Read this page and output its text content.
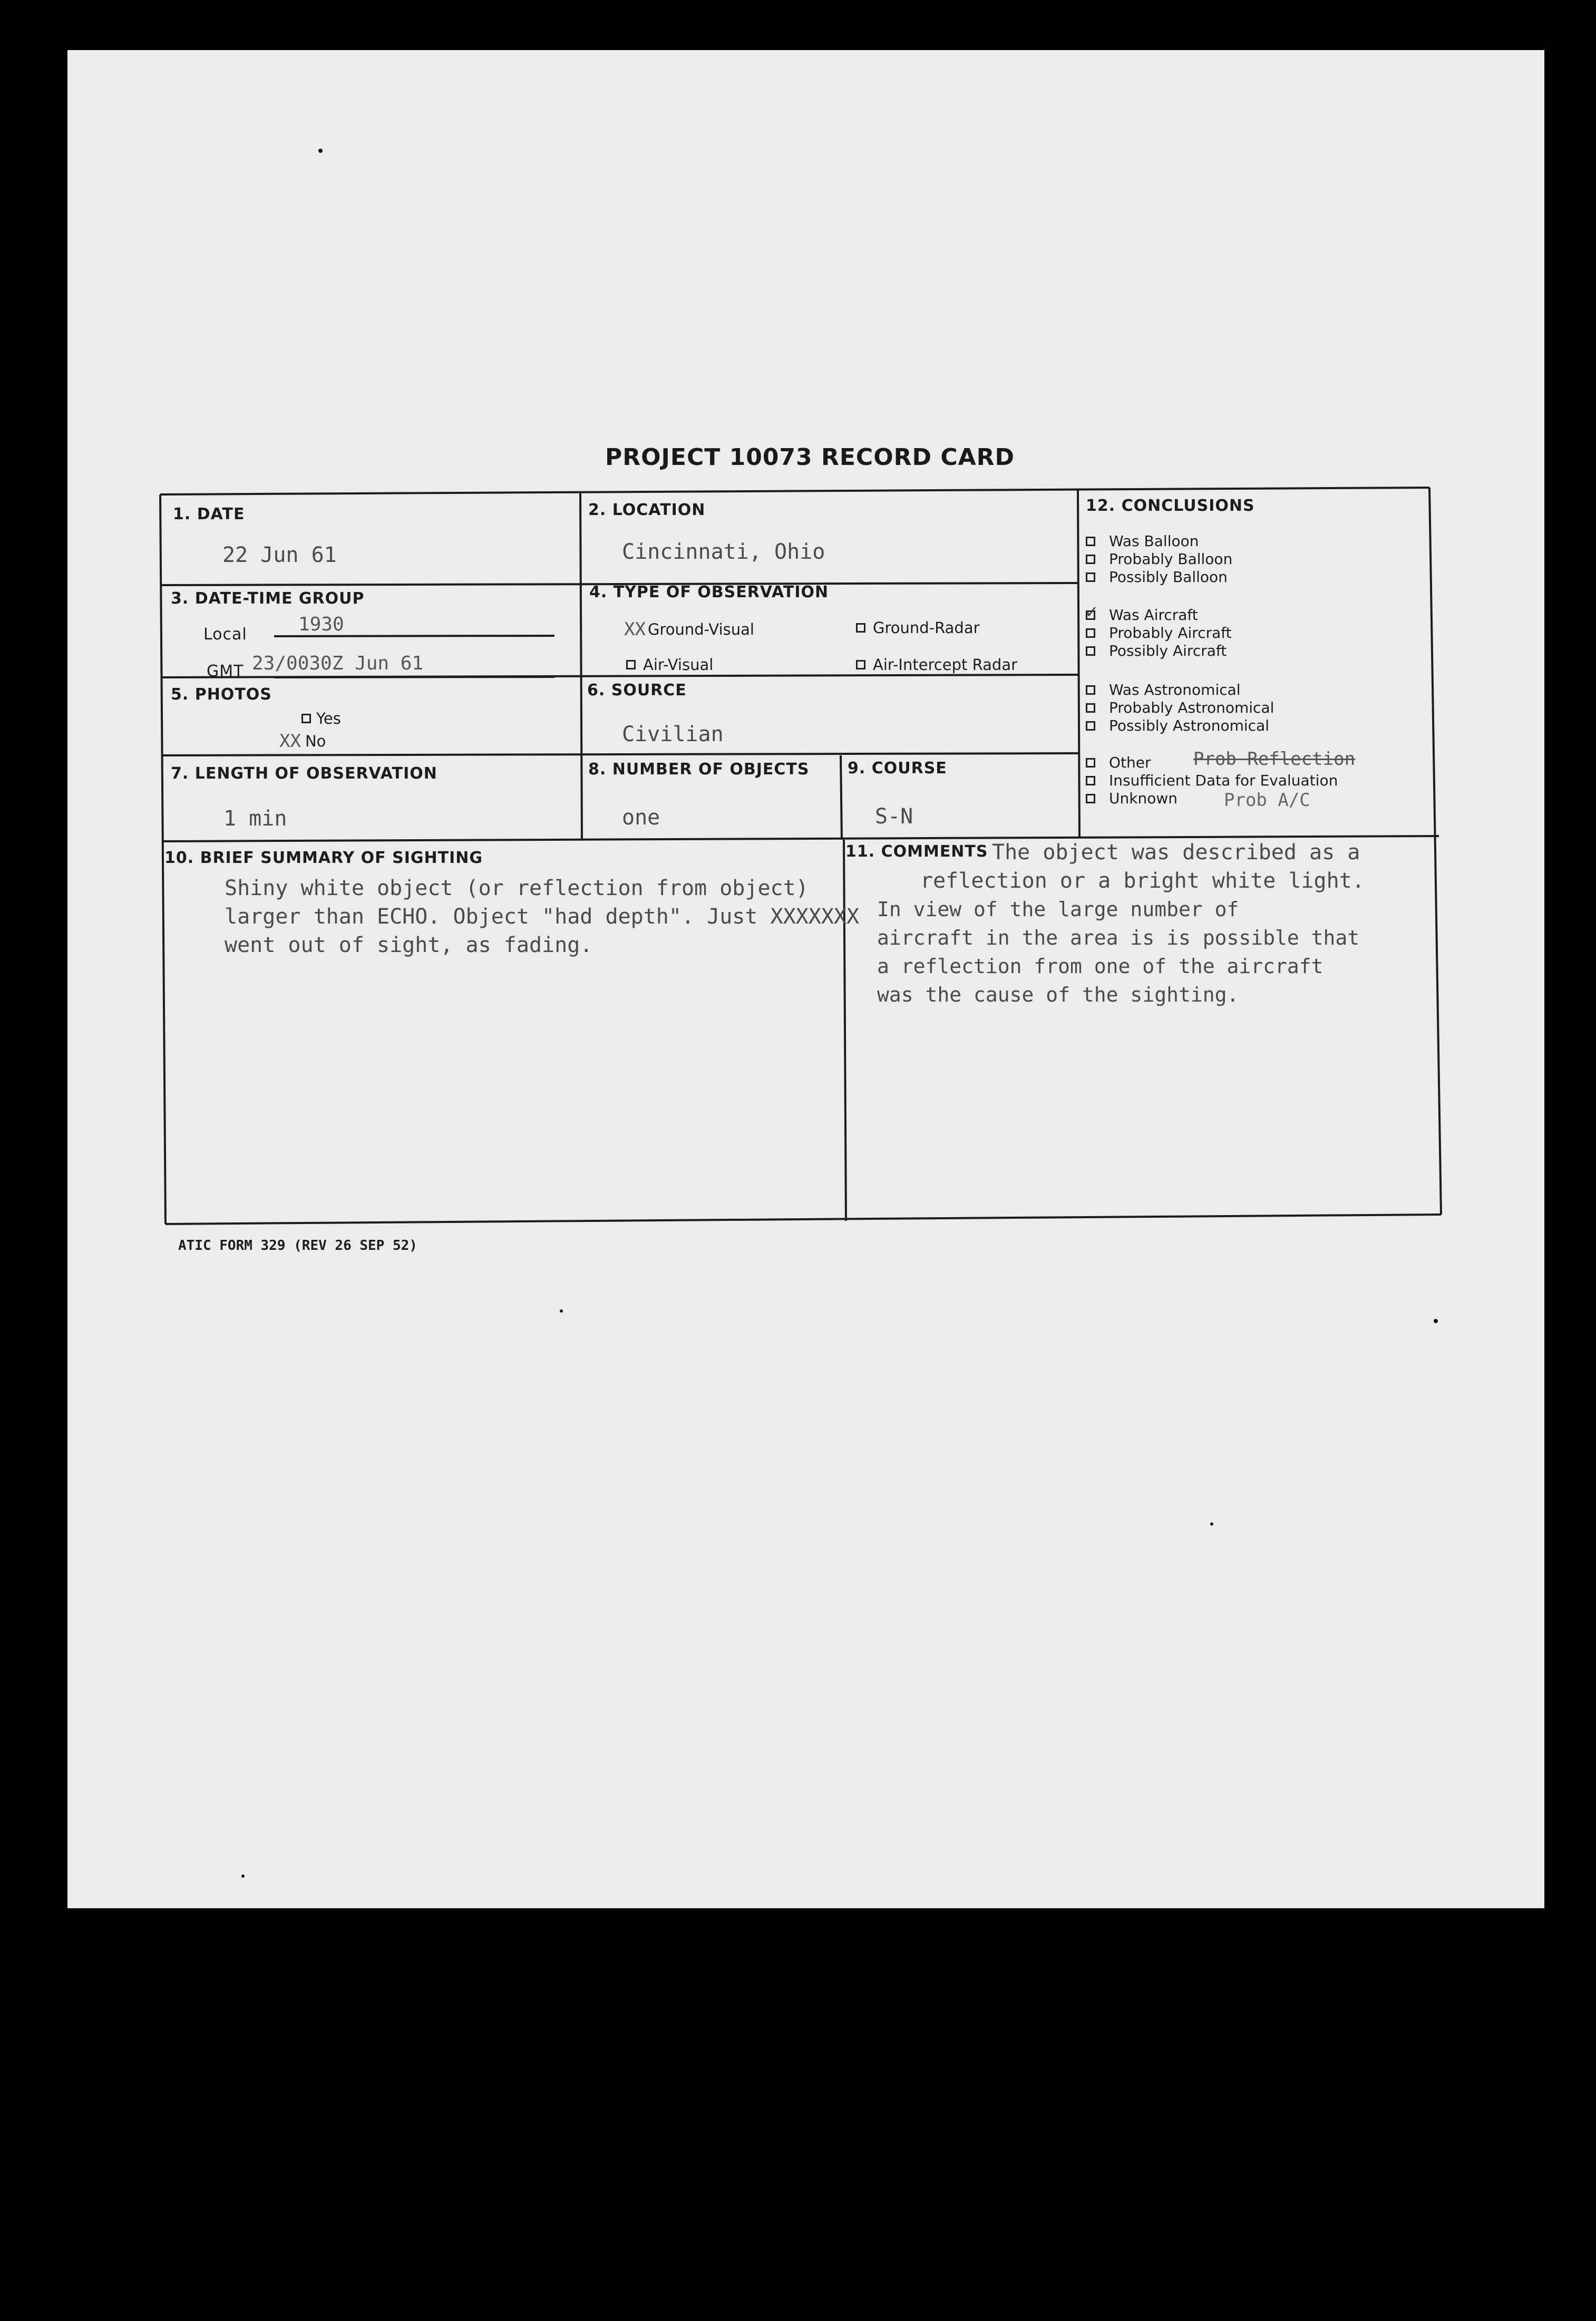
PROJECT 10073 RECORD CARD
1. DATE
22 Jun 61
2. LOCATION
Cincinnati, Ohio
3. DATE-TIME GROUP
Local	1930
GMT 23/0030Z Jun 61
4. TYPE OF OBSERVATION
XX Ground-Visual	Ground-Radar
Air-Visual	Air-Intercept Radar
5. PHOTOS
Yes
XX No
6. SOURCE
Civilian
7. LENGTH OF OBSERVATION
1 min
8. NUMBER OF OBJECTS
one
9. COURSE
S-N
10. BRIEF SUMMARY OF SIGHTING
Shiny white object (or reflection from object)
larger than ECHO. Object "had depth". Just XXXXXXX
went out of sight, as fading.
11. COMMENTS The object was described as a
reflection or a bright white light.
In view of the large number of
aircraft in the area is is possible that
a reflection from one of the aircraft
was the cause of the sighting.
12. CONCLUSIONS
Was Balloon
Probably Balloon
Possibly Balloon
Was Aircraft
Probably Aircraft
Possibly Aircraft
Was Astronomical
Probably Astronomical
Possibly Astronomical
Other
Insufficient Data for Evaluation
Unknown
Prob Reflection
Prob A/C
✓
ATIC FORM 329 (REV 26 SEP 52)
